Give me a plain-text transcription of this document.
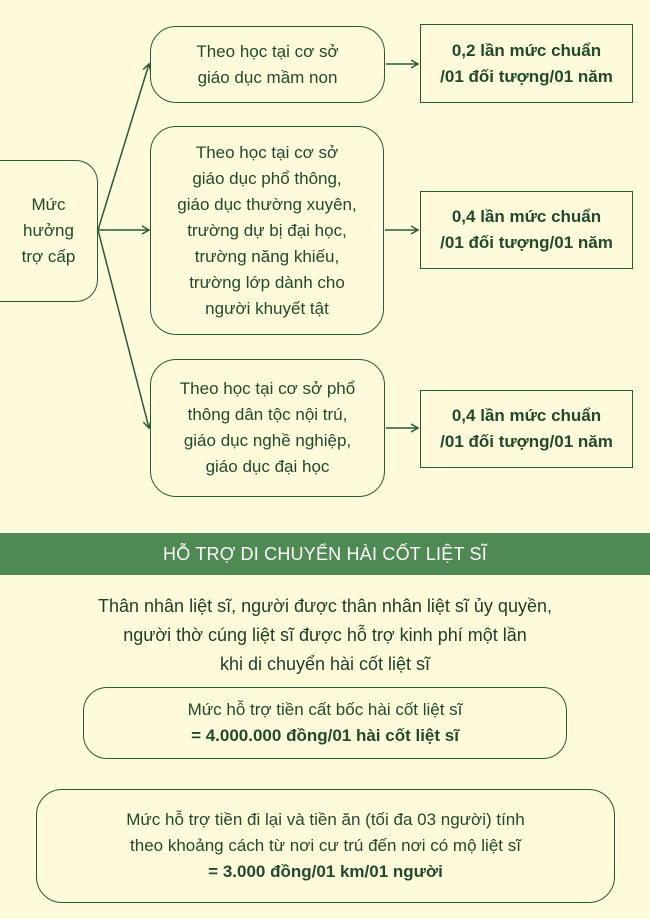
Mức
hưởng
trợ cấp
Theo học tại cơ sở
giáo dục mầm non
0,2 lần mức chuẩn
/01 đối tượng/01 năm
Theo học tại cơ sở
giáo dục phổ thông,
giáo dục thường xuyên,
trường dự bị đại học,
trường năng khiếu,
trường lớp dành cho
người khuyết tật
0,4 lần mức chuẩn
/01 đối tượng/01 năm
Theo học tại cơ sở phổ
thông dân tộc nội trú,
giáo dục nghề nghiệp,
giáo dục đại học
0,4 lần mức chuẩn
/01 đối tượng/01 năm
HỖ TRỢ DI CHUYỂN HÀI CỐT LIỆT SĨ
Thân nhân liệt sĩ, người được thân nhân liệt sĩ ủy quyền,
người thờ cúng liệt sĩ được hỗ trợ kinh phí một lần
khi di chuyển hài cốt liệt sĩ
Mức hỗ trợ tiền cất bốc hài cốt liệt sĩ
= 4.000.000 đồng/01 hài cốt liệt sĩ
Mức hỗ trợ tiền đi lại và tiền ăn (tối đa 03 người) tính
theo khoảng cách từ nơi cư trú đến nơi có mộ liệt sĩ
= 3.000 đồng/01 km/01 người
